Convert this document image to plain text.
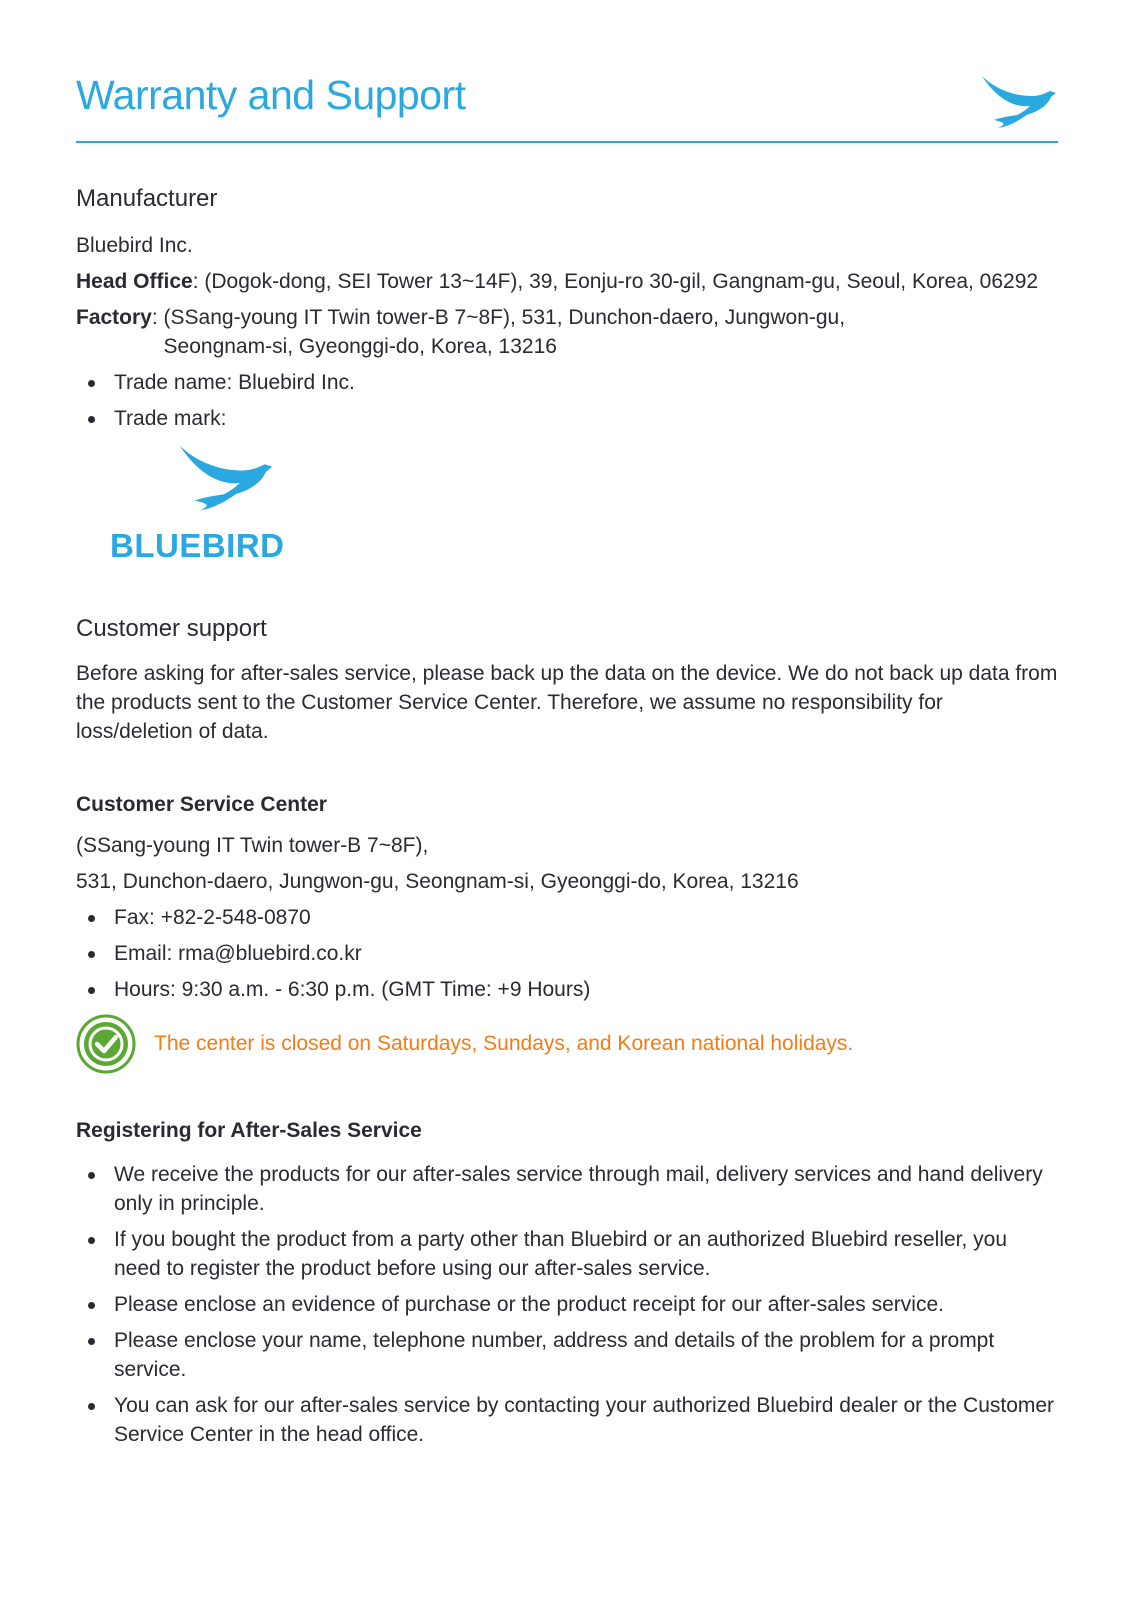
Warranty and Support
Manufacturer

Bluebird Inc.

Head Office: (Dogok-dong, SEI Tower 13~14F), 39, Eonju-ro 30-gil, Gangnam-gu, Seoul, Korea, 06292

Factory: (SSang-young IT Twin tower-B 7~8F), 531, Dunchon-daero, Jungwon-gu,
Seongnam-si, Gyeonggi-do, Korea, 13216
Trade name: Bluebird Inc.
Trade mark:
BLUEBIRD
Customer support

Before asking for after-sales service, please back up the data on the device. We do not back up data from the products sent to the Customer Service Center. Therefore, we assume no responsibility for loss/deletion of data.

Customer Service Center

(SSang-young IT Twin tower-B 7~8F),

531, Dunchon-daero, Jungwon-gu, Seongnam-si, Gyeonggi-do, Korea, 13216

Fax: +82-2-548-0870
Email: rma@bluebird.co.kr
Hours: 9:30 a.m. - 6:30 p.m. (GMT Time: +9 Hours)
The center is closed on Saturdays, Sundays, and Korean national holidays.
Registering for After-Sales Service
We receive the products for our after-sales service through mail, delivery services and hand delivery only in principle.
If you bought the product from a party other than Bluebird or an authorized Bluebird reseller, you need to register the product before using our after-sales service.
Please enclose an evidence of purchase or the product receipt for our after-sales service.
Please enclose your name, telephone number, address and details of the problem for a prompt service.
You can ask for our after-sales service by contacting your authorized Bluebird dealer or the Customer Service Center in the head office.
